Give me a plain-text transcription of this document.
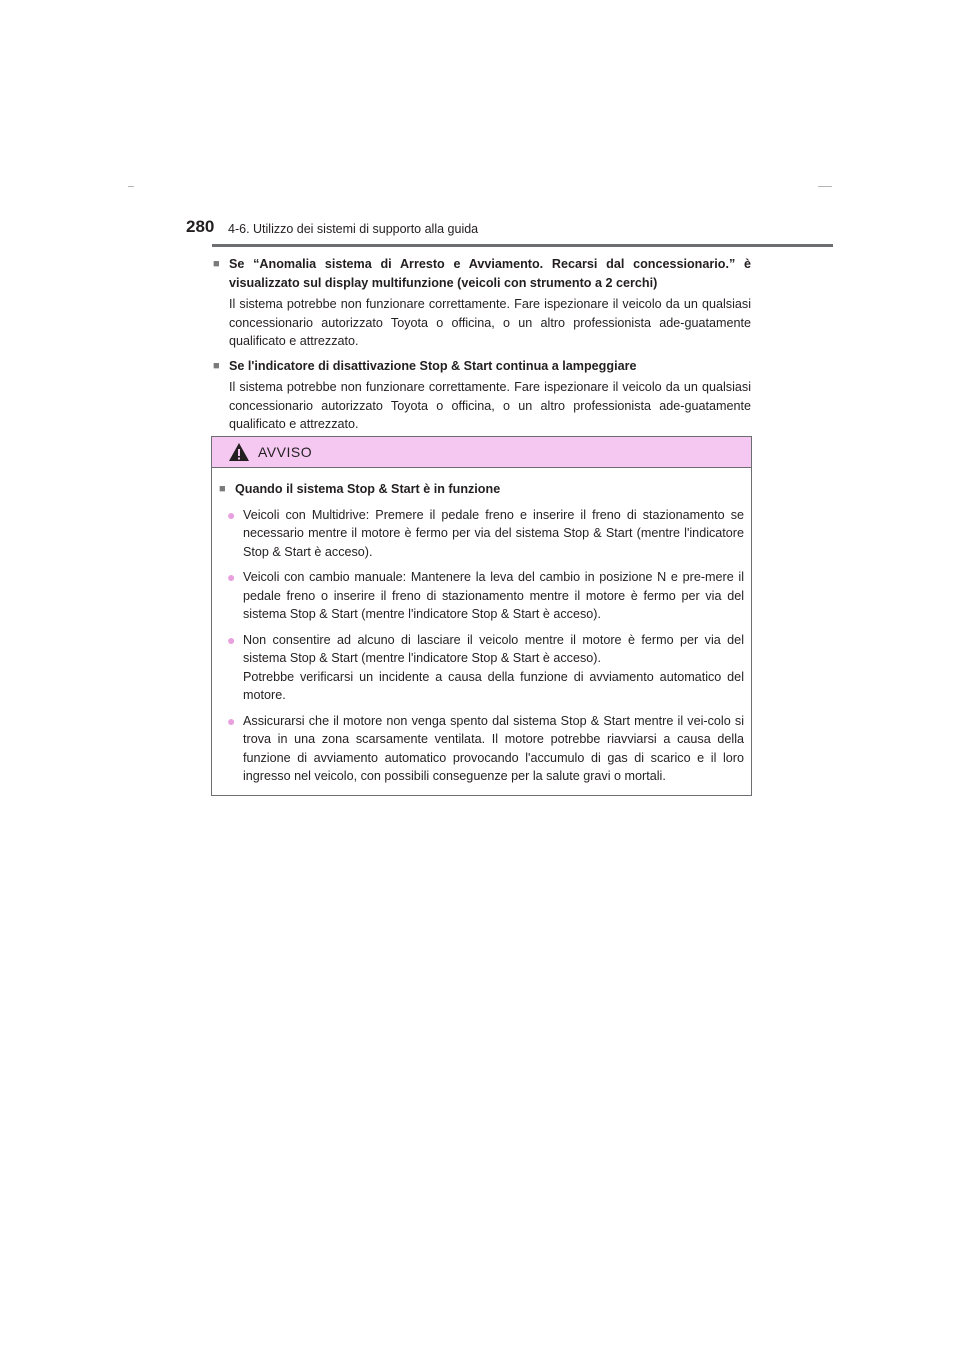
280 4-6. Utilizzo dei sistemi di supporto alla guida
■ Se “Anomalia sistema di Arresto e Avviamento. Recarsi dal concessionario.” è visualizzato sul display multifunzione (veicoli con strumento a 2 cerchi)
Il sistema potrebbe non funzionare correttamente. Fare ispezionare il veicolo da un qualsiasi concessionario autorizzato Toyota o officina, o un altro professionista ade-guatamente qualificato e attrezzato.
■ Se l'indicatore di disattivazione Stop & Start continua a lampeggiare
Il sistema potrebbe non funzionare correttamente. Fare ispezionare il veicolo da un qualsiasi concessionario autorizzato Toyota o officina, o un altro professionista ade-guatamente qualificato e attrezzato.
AVVISO
■ Quando il sistema Stop & Start è in funzione
● Veicoli con Multidrive: Premere il pedale freno e inserire il freno di stazionamento se necessario mentre il motore è fermo per via del sistema Stop & Start (mentre l'indicatore Stop & Start è acceso).
● Veicoli con cambio manuale: Mantenere la leva del cambio in posizione N e pre-mere il pedale freno o inserire il freno di stazionamento mentre il motore è fermo per via del sistema Stop & Start (mentre l'indicatore Stop & Start è acceso).
● Non consentire ad alcuno di lasciare il veicolo mentre il motore è fermo per via del sistema Stop & Start (mentre l'indicatore Stop & Start è acceso).
Potrebbe verificarsi un incidente a causa della funzione di avviamento automatico del motore.
● Assicurarsi che il motore non venga spento dal sistema Stop & Start mentre il vei-colo si trova in una zona scarsamente ventilata. Il motore potrebbe riavviarsi a causa della funzione di avviamento automatico provocando l'accumulo di gas di scarico e il loro ingresso nel veicolo, con possibili conseguenze per la salute gravi o mortali.
